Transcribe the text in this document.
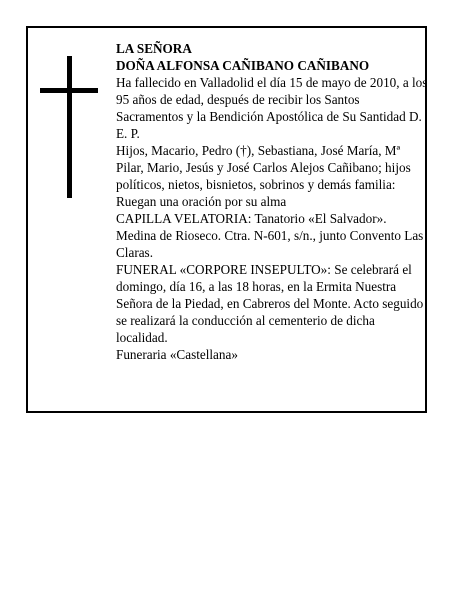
LA SEÑORA

DOÑA ALFONSA CAÑIBANO CAÑIBANO

Ha fallecido en Valladolid el día 15 de mayo de 2010, a los 95 años de edad, después de recibir los Santos Sacramentos y la Bendición Apostólica de Su Santidad D. E. P.

Hijos, Macario, Pedro (†), Sebastiana, José María, Mª Pilar, Mario, Jesús y José Carlos Alejos Cañibano; hijos políticos, nietos, bisnietos, sobrinos y demás familia:

Ruegan una oración por su alma

CAPILLA VELATORIA: Tanatorio «El Salvador». Medina de Rioseco. Ctra. N-601, s/n., junto Convento Las Claras.

FUNERAL «CORPORE INSEPULTO»: Se celebrará el domingo, día 16, a las 18 horas, en la Ermita Nuestra Señora de la Piedad, en Cabreros del Monte. Acto seguido se realizará la conducción al cementerio de dicha localidad.

Funeraria «Castellana»
